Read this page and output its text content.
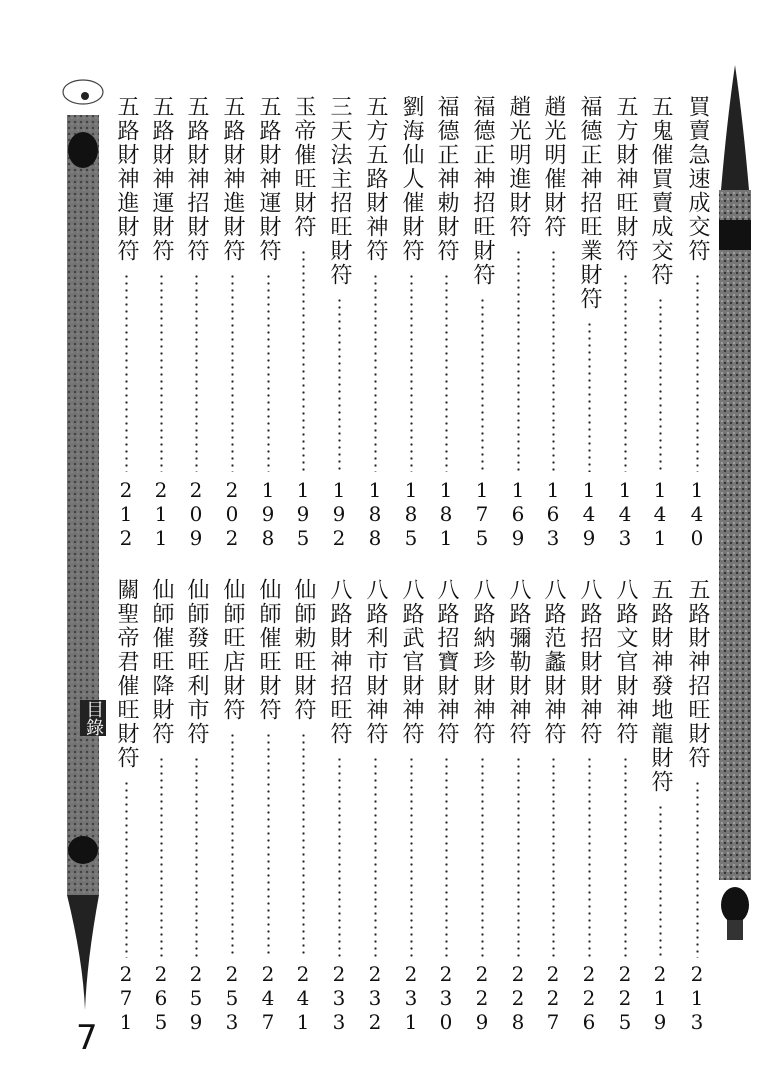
目錄
買賣急速成交符
五鬼催買賣成交符
五方財神旺財符
福德正神招旺業財符
趙光明催財符
趙光明進財符
福德正神招旺財符
福德正神勅財符
劉海仙人催財符
五方五路財神符
三天法主招旺財符
玉帝催旺財符
五路財神運財符
五路財神進財符
五路財神招財符
五路財神運財符
五路財神進財符
1
4
0
1
4
1
1
4
3
1
4
9
1
6
3
1
6
9
1
7
5
1
8
1
1
8
5
1
8
8
1
9
2
1
9
5
1
9
8
2
0
2
2
0
9
2
1
1
2
1
2
五路財神招旺財符
五路財神發地龍財符
八路文官財神符
八路招財財神符
八路范蠡財神符
八路彌勒財神符
八路納珍財神符
八路招寶財神符
八路武官財神符
八路利市財神符
八路財神招旺符
仙師勅旺財符
仙師催旺財符
仙師旺店財符
仙師發旺利市符
仙師催旺降財符
關聖帝君催旺財符
2
1
3
2
1
9
2
2
5
2
2
6
2
2
7
2
2
8
2
2
9
2
3
0
2
3
1
2
3
2
2
3
3
2
4
1
2
4
7
2
5
3
2
5
9
2
6
5
2
7
1
7
